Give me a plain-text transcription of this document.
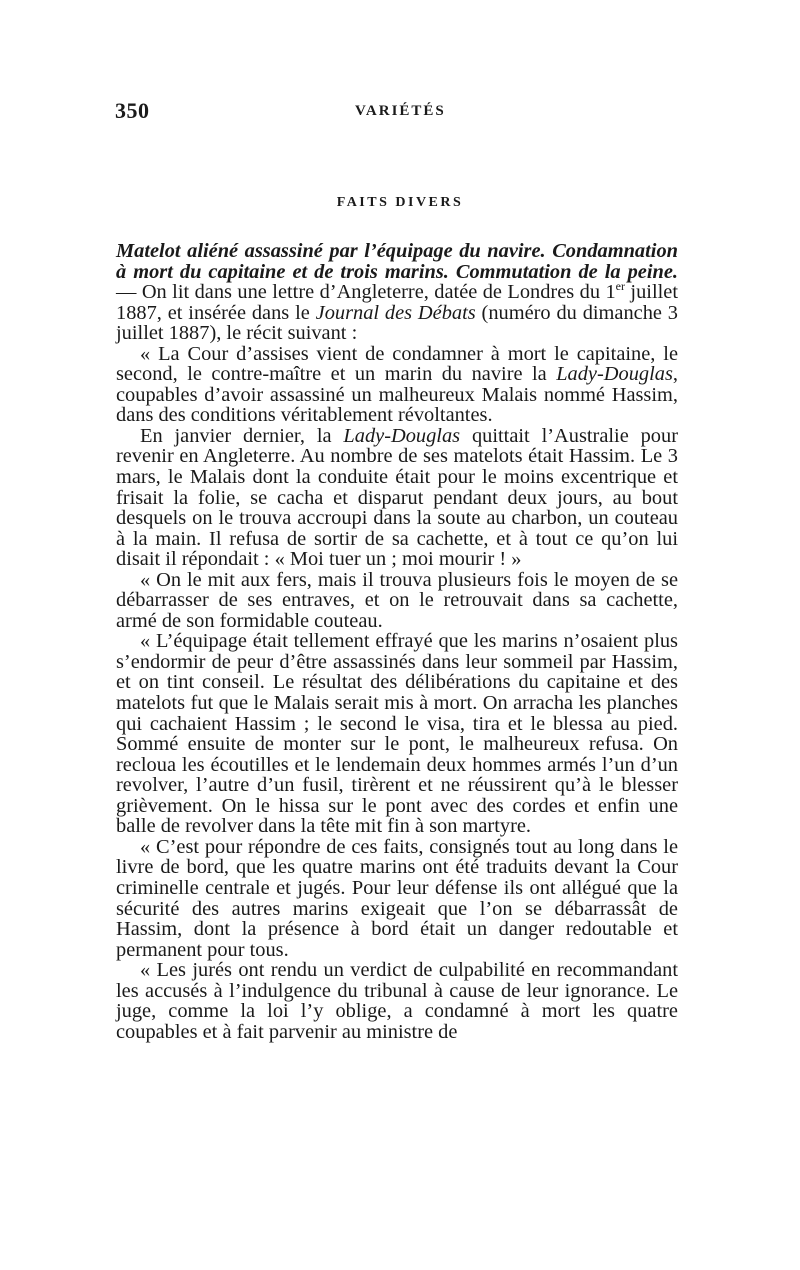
350	VARIÉTÉS
FAITS DIVERS

Matelot aliéné assassiné par l’équipage du navire. Condamnation à mort du capitaine et de trois marins. Commutation de la peine. — On lit dans une lettre d’Angleterre, datée de Londres du 1er juillet 1887, et insérée dans le Journal des Débats (numéro du dimanche 3 juillet 1887), le récit suivant :

« La Cour d’assises vient de condamner à mort le capitaine, le second, le contre-maître et un marin du navire la Lady-Douglas, coupables d’avoir assassiné un malheureux Malais nommé Hassim, dans des conditions véritablement révoltantes.

En janvier dernier, la Lady-Douglas quittait l’Australie pour revenir en Angleterre. Au nombre de ses matelots était Hassim. Le 3 mars, le Malais dont la conduite était pour le moins excentrique et frisait la folie, se cacha et disparut pendant deux jours, au bout desquels on le trouva accroupi dans la soute au charbon, un couteau à la main. Il refusa de sortir de sa cachette, et à tout ce qu’on lui disait il répondait : « Moi tuer un ; moi mourir ! »

« On le mit aux fers, mais il trouva plusieurs fois le moyen de se débarrasser de ses entraves, et on le retrouvait dans sa cachette, armé de son formidable couteau.

« L’équipage était tellement effrayé que les marins n’osaient plus s’endormir de peur d’être assassinés dans leur sommeil par Hassim, et on tint conseil. Le résultat des délibérations du capitaine et des matelots fut que le Malais serait mis à mort. On arracha les planches qui cachaient Hassim ; le second le visa, tira et le blessa au pied. Sommé ensuite de monter sur le pont, le malheureux refusa. On recloua les écoutilles et le lendemain deux hommes armés l’un d’un revolver, l’autre d’un fusil, tirèrent et ne réussirent qu’à le blesser grièvement. On le hissa sur le pont avec des cordes et enfin une balle de revolver dans la tête mit fin à son martyre.

« C’est pour répondre de ces faits, consignés tout au long dans le livre de bord, que les quatre marins ont été traduits devant la Cour criminelle centrale et jugés. Pour leur défense ils ont allégué que la sécurité des autres marins exigeait que l’on se débarrassât de Hassim, dont la présence à bord était un danger redoutable et permanent pour tous.

« Les jurés ont rendu un verdict de culpabilité en recommandant les accusés à l’indulgence du tribunal à cause de leur ignorance. Le juge, comme la loi l’y oblige, a condamné à mort les quatre coupables et à fait parvenir au ministre de
